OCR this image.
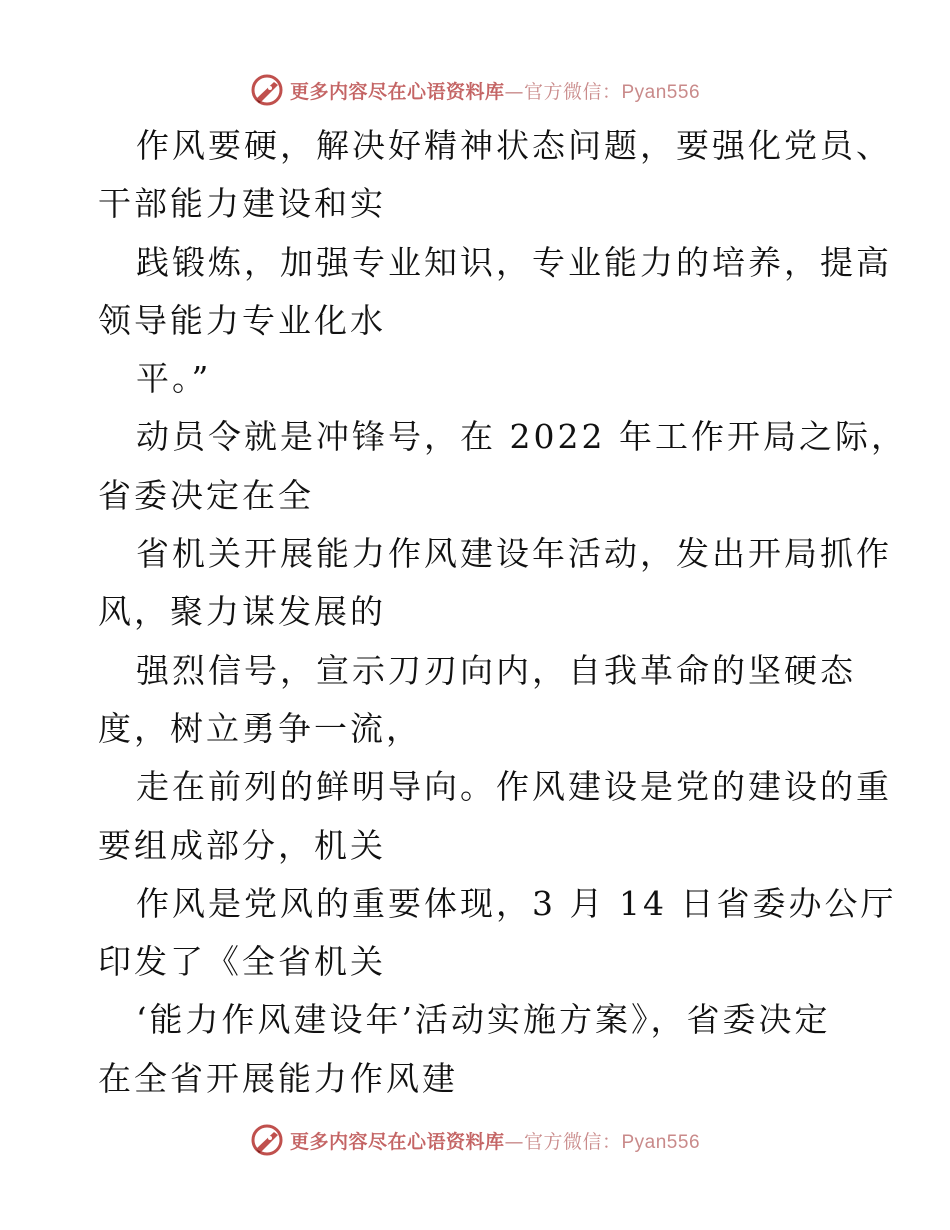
更多内容尽在心语资料库—官方微信：Pyan556
作风要硬，解决好精神状态问题，要强化党员、
干部能力建设和实
践锻炼，加强专业知识，专业能力的培养，提高
领导能力专业化水
平。”
动员令就是冲锋号，在 2022 年工作开局之际，
省委决定在全
省机关开展能力作风建设年活动，发出开局抓作
风，聚力谋发展的
强烈信号，宣示刀刃向内，自我革命的坚硬态
度，树立勇争一流，
走在前列的鲜明导向。作风建设是党的建设的重
要组成部分，机关
作风是党风的重要体现，3 月 14 日省委办公厅
印发了《全省机关
‘能力作风建设年’活动实施方案》，省委决定
在全省开展能力作风建
更多内容尽在心语资料库—官方微信：Pyan556
